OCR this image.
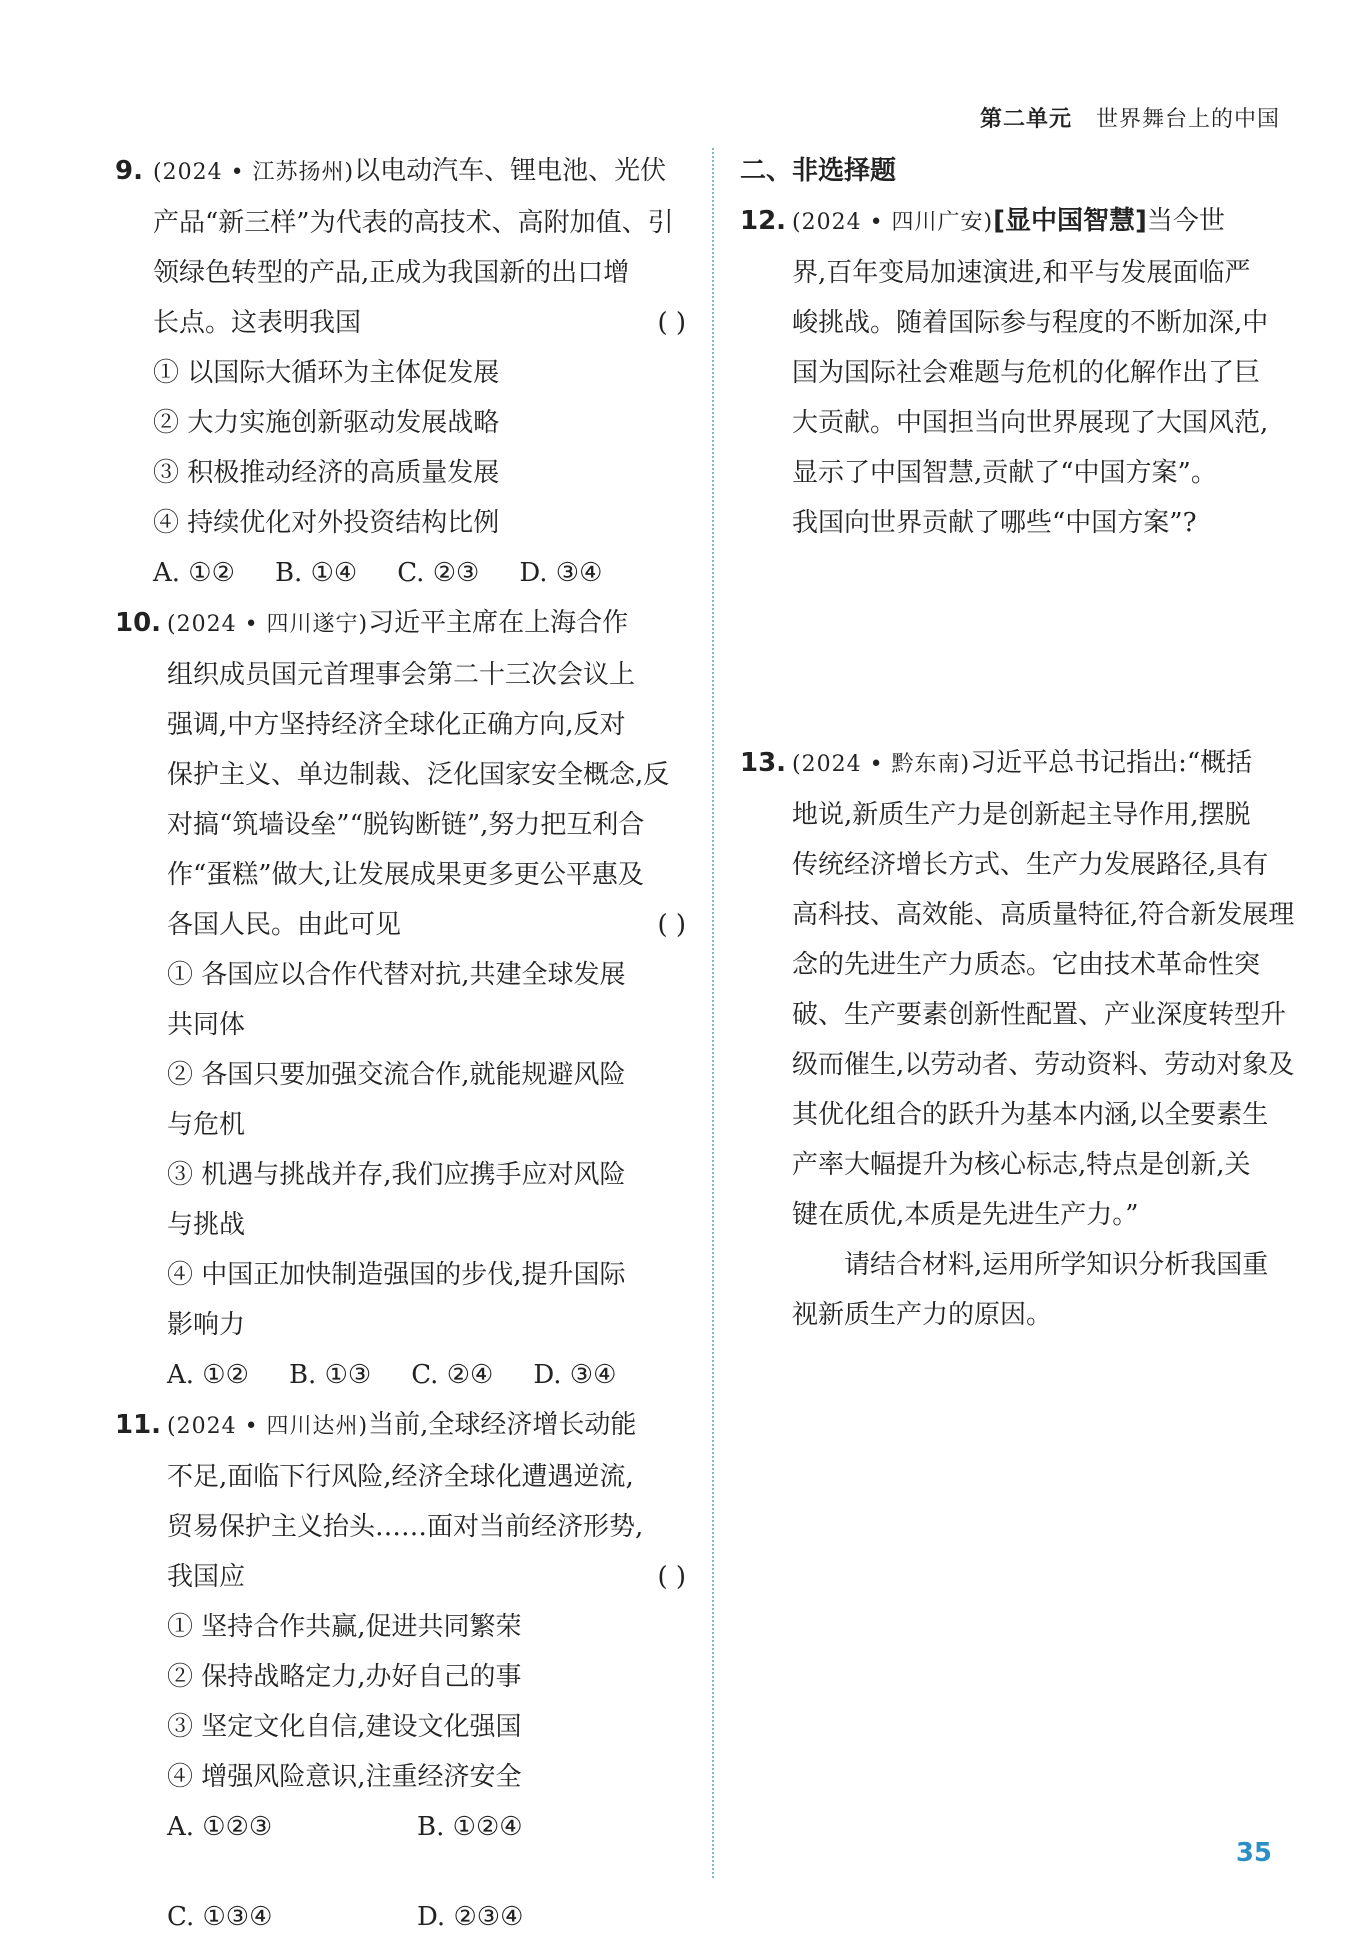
第二单元 世界舞台上的中国
9. (2024 • 江苏扬州)以电动汽车、锂电池、光伏
产品“新三样”为代表的高技术、高附加值、引
领绿色转型的产品,正成为我国新的出口增
长点。这表明我国	( )
① 以国际大循环为主体促发展
② 大力实施创新驱动发展战略
③ 积极推动经济的高质量发展
④ 持续优化对外投资结构比例
A. ①② B. ①④ C. ②③ D. ③④
10. (2024 • 四川遂宁)习近平主席在上海合作
组织成员国元首理事会第二十三次会议上
强调,中方坚持经济全球化正确方向,反对
保护主义、单边制裁、泛化国家安全概念,反
对搞“筑墙设垒”“脱钩断链”,努力把互利合
作“蛋糕”做大,让发展成果更多更公平惠及
各国人民。由此可见	( )
① 各国应以合作代替对抗,共建全球发展
共同体
② 各国只要加强交流合作,就能规避风险
与危机
③ 机遇与挑战并存,我们应携手应对风险
与挑战
④ 中国正加快制造强国的步伐,提升国际
影响力
A. ①② B. ①③ C. ②④ D. ③④
11. (2024 • 四川达州)当前,全球经济增长动能
不足,面临下行风险,经济全球化遭遇逆流,
贸易保护主义抬头……面对当前经济形势,
我国应	( )
① 坚持合作共赢,促进共同繁荣
② 保持战略定力,办好自己的事
③ 坚定文化自信,建设文化强国
④ 增强风险意识,注重经济安全
A. ①②③	B. ①②④
C. ①③④	D. ②③④
二、非选择题
12. (2024 • 四川广安)[显中国智慧]当今世
界,百年变局加速演进,和平与发展面临严
峻挑战。随着国际参与程度的不断加深,中
国为国际社会难题与危机的化解作出了巨
大贡献。中国担当向世界展现了大国风范,
显示了中国智慧,贡献了“中国方案”。
我国向世界贡献了哪些“中国方案”?
13. (2024 • 黔东南)习近平总书记指出:“概括
地说,新质生产力是创新起主导作用,摆脱
传统经济增长方式、生产力发展路径,具有
高科技、高效能、高质量特征,符合新发展理
念的先进生产力质态。它由技术革命性突
破、生产要素创新性配置、产业深度转型升
级而催生,以劳动者、劳动资料、劳动对象及
其优化组合的跃升为基本内涵,以全要素生
产率大幅提升为核心标志,特点是创新,关
键在质优,本质是先进生产力。”
请结合材料,运用所学知识分析我国重
视新质生产力的原因。
35
